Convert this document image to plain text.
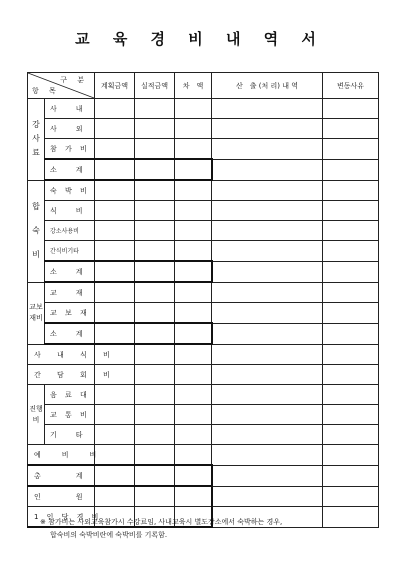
교 육 경 비 내 역 서
구 분
항 목		계획금액	실적금액	차　액	산　출 (처 리) 내 역	변동사유
강
사
료	사　내					
	사　외					
	참 가 비					
	소　계					
합
숙
비	숙 박 비					
	식　비					
	강소사용비					
	간식비기타					
	소　계					
교보
재비	교　재					
	교 보 재					
	소　계					
사 내 식 비						
간 담 회 비						
진행
비	음 료 대					
	교 통 비					
	기　타					
예　비　비						
총　　계						
인　　원						
1 인 당 경 비						
※ 참가비는 사외교육참가시 수강료임, 사내교육시 별도장소에서 숙박하는 경우,
합숙비의 숙박비란에 숙박비를 기록함.
